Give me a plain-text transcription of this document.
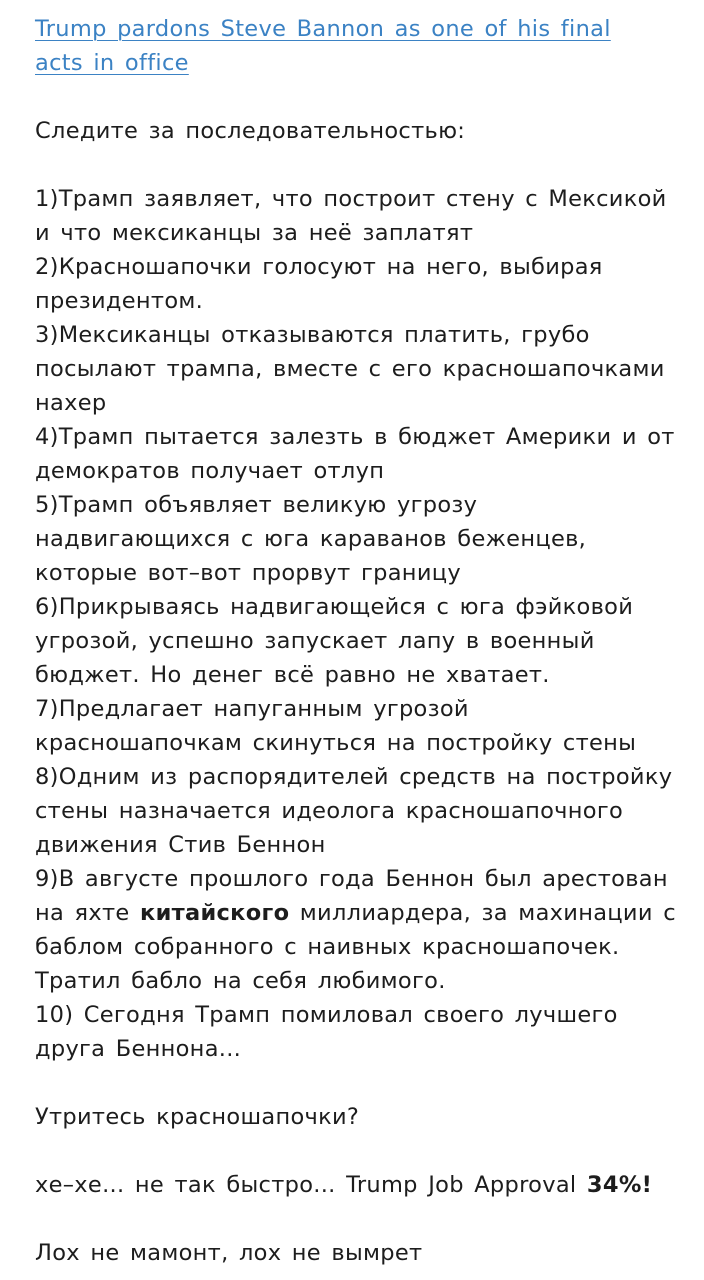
Trump pardons Steve Bannon as one of his final acts in office
Следите за последовательностью:
1)Трамп заявляет, что построит стену с Мексикой и что мексиканцы за неё заплатят
2)Красношапочки голосуют на него, выбирая президентом.
3)Мексиканцы отказываются платить, грубо посылают трампа, вместе с его красношапочками нахер
4)Трамп пытается залезть в бюджет Америки и от демократов получает отлуп
5)Трамп объявляет великую угрозу надвигающихся с юга караванов беженцев, которые вот–вот прорвут границу
6)Прикрываясь надвигающейся с юга фэйковой угрозой, успешно запускает лапу в военный бюджет. Но денег всё равно не хватает.
7)Предлагает напуганным угрозой красношапочкам скинуться на постройку стены
8)Одним из распорядителей средств на постройку стены назначается идеолога красношапочного движения Стив Беннон
9)В августе прошлого года Беннон был арестован на яхте китайского миллиардера, за махинации с баблом собранного с наивных красношапочек. Тратил бабло на себя любимого.
10) Сегодня Трамп помиловал своего лучшего друга Беннона...
Утритесь красношапочки?
хе–хе... не так быстро... Trump Job Approval 34%!
Лох не мамонт, лох не вымрет
